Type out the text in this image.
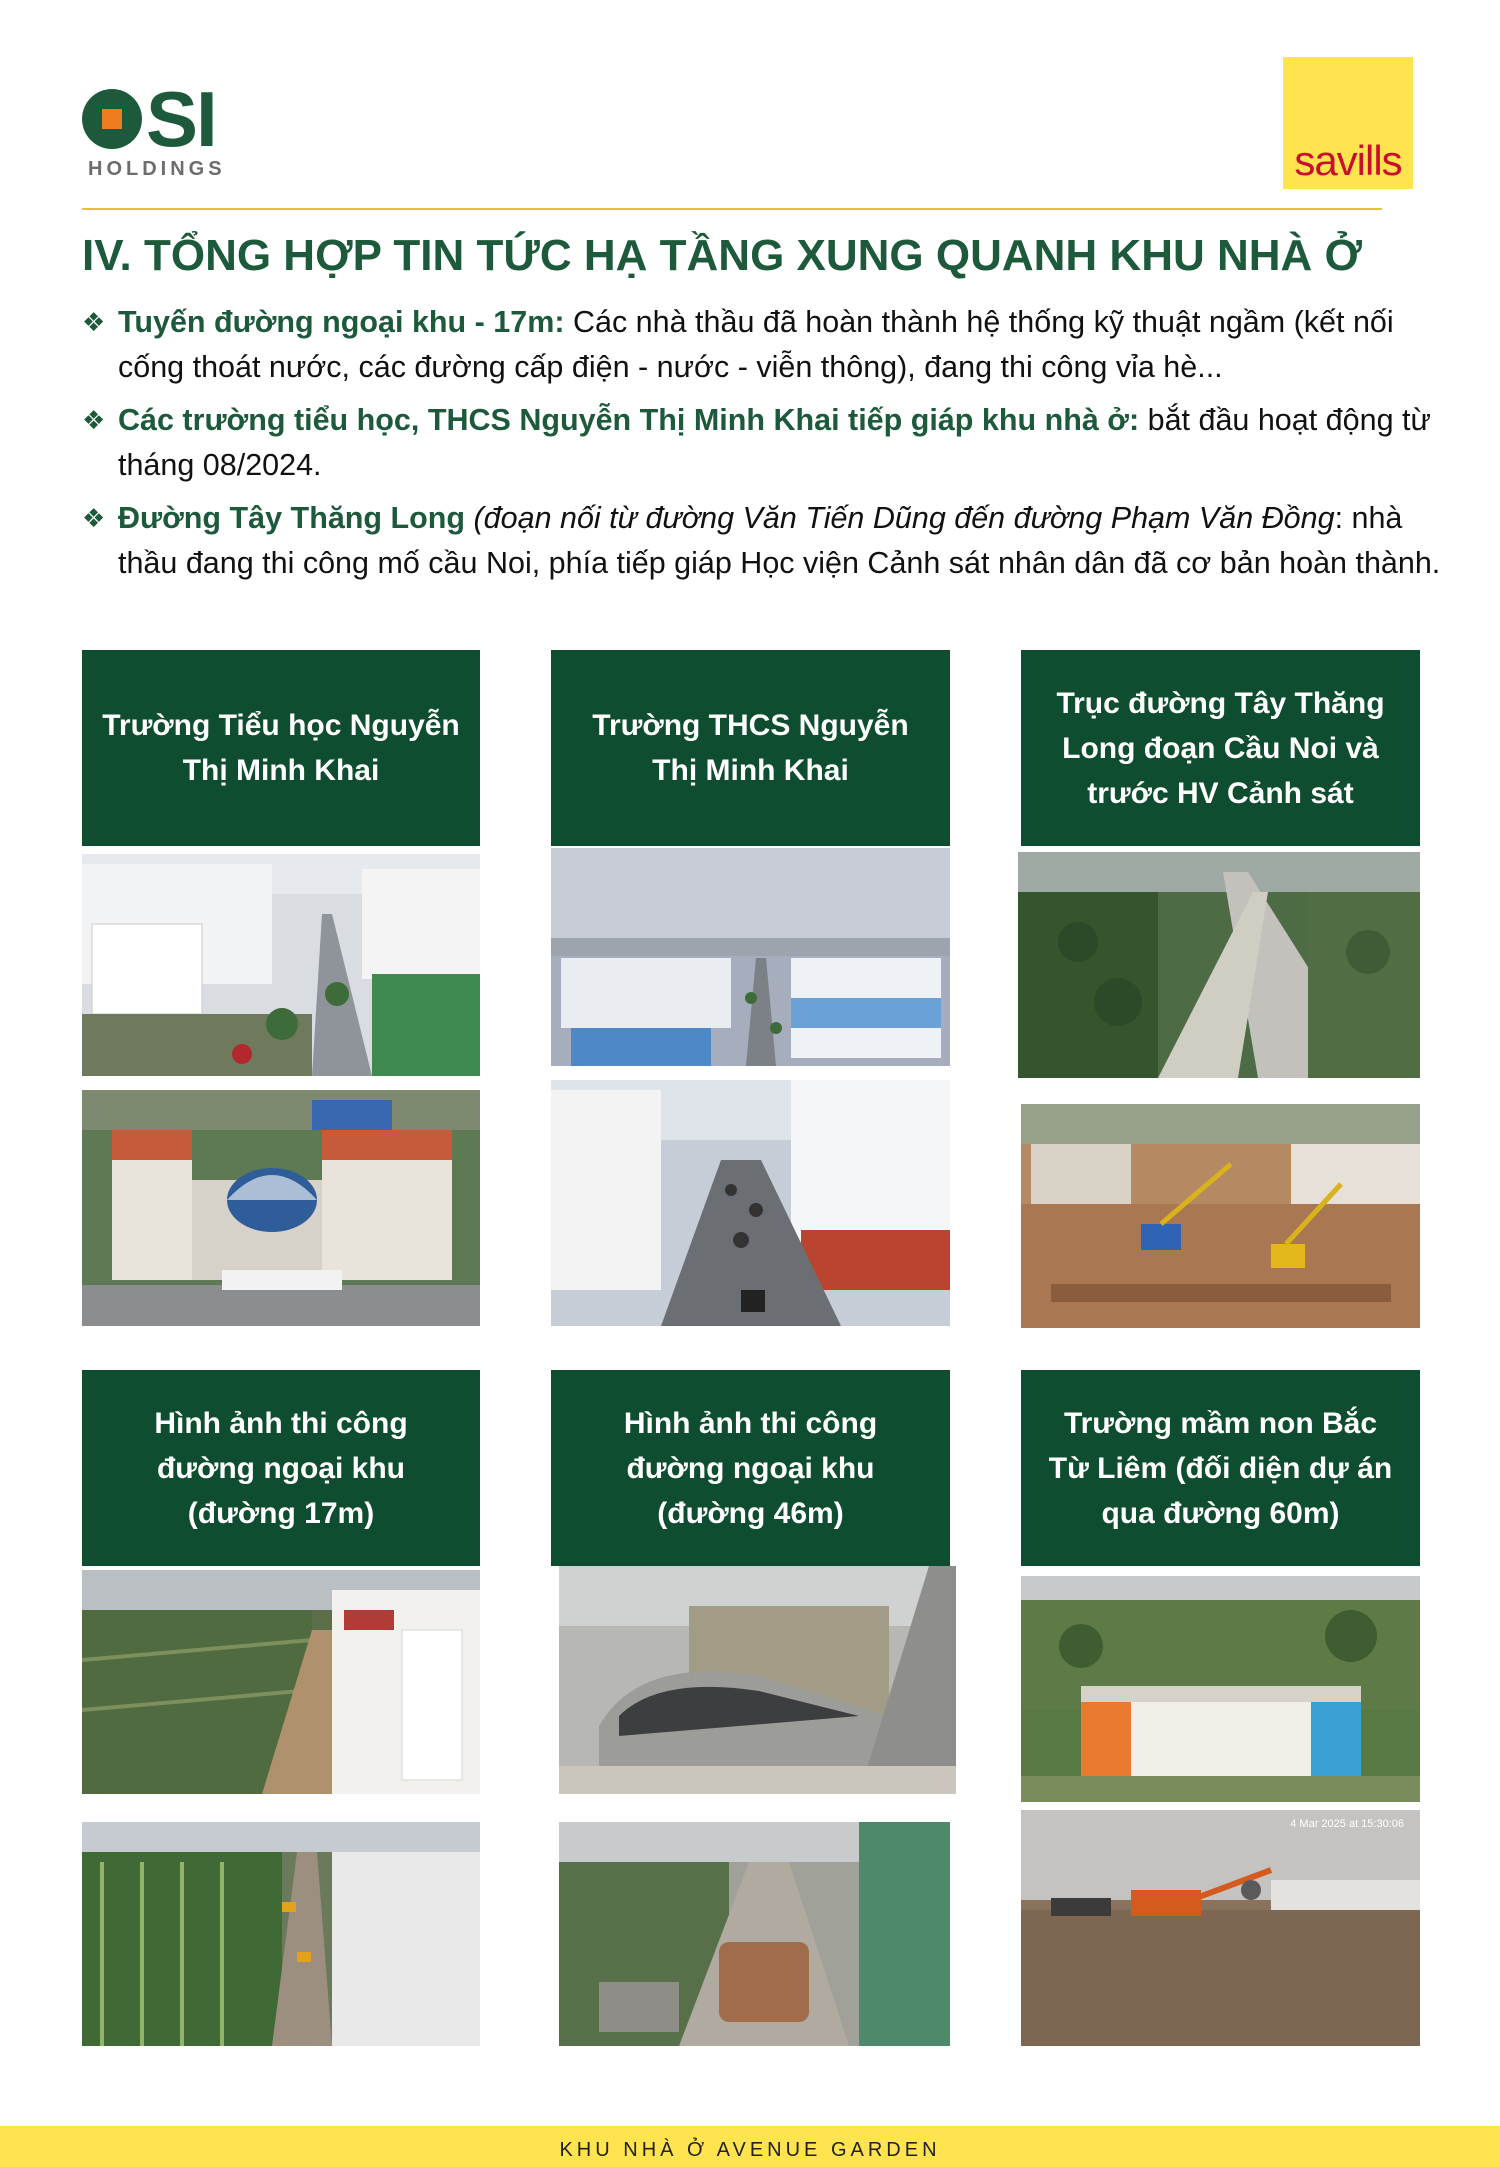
SI
HOLDINGS	savills
IV. TỔNG HỢP TIN TỨC HẠ TẦNG XUNG QUANH KHU NHÀ Ở
❖ Tuyến đường ngoại khu - 17m: Các nhà thầu đã hoàn thành hệ thống kỹ thuật ngầm (kết nối cống thoát nước, các đường cấp điện - nước - viễn thông), đang thi công vỉa hè...
❖ Các trường tiểu học, THCS Nguyễn Thị Minh Khai tiếp giáp khu nhà ở: bắt đầu hoạt động từ tháng 08/2024.
❖ Đường Tây Thăng Long (đoạn nối từ đường Văn Tiến Dũng đến đường Phạm Văn Đồng: nhà thầu đang thi công mố cầu Noi, phía tiếp giáp Học viện Cảnh sát nhân dân đã cơ bản hoàn thành.
Trường Tiểu học Nguyễn Thị Minh Khai
Trường THCS Nguyễn Thị Minh Khai
Trục đường Tây Thăng Long đoạn Cầu Noi và trước HV Cảnh sát
Hình ảnh thi công đường ngoại khu (đường 17m)
Hình ảnh thi công đường ngoại khu (đường 46m)
Trường mầm non Bắc Từ Liêm (đối diện dự án qua đường 60m)
4 Mar 2025 at 15:30:06
KHU NHÀ Ở AVENUE GARDEN
